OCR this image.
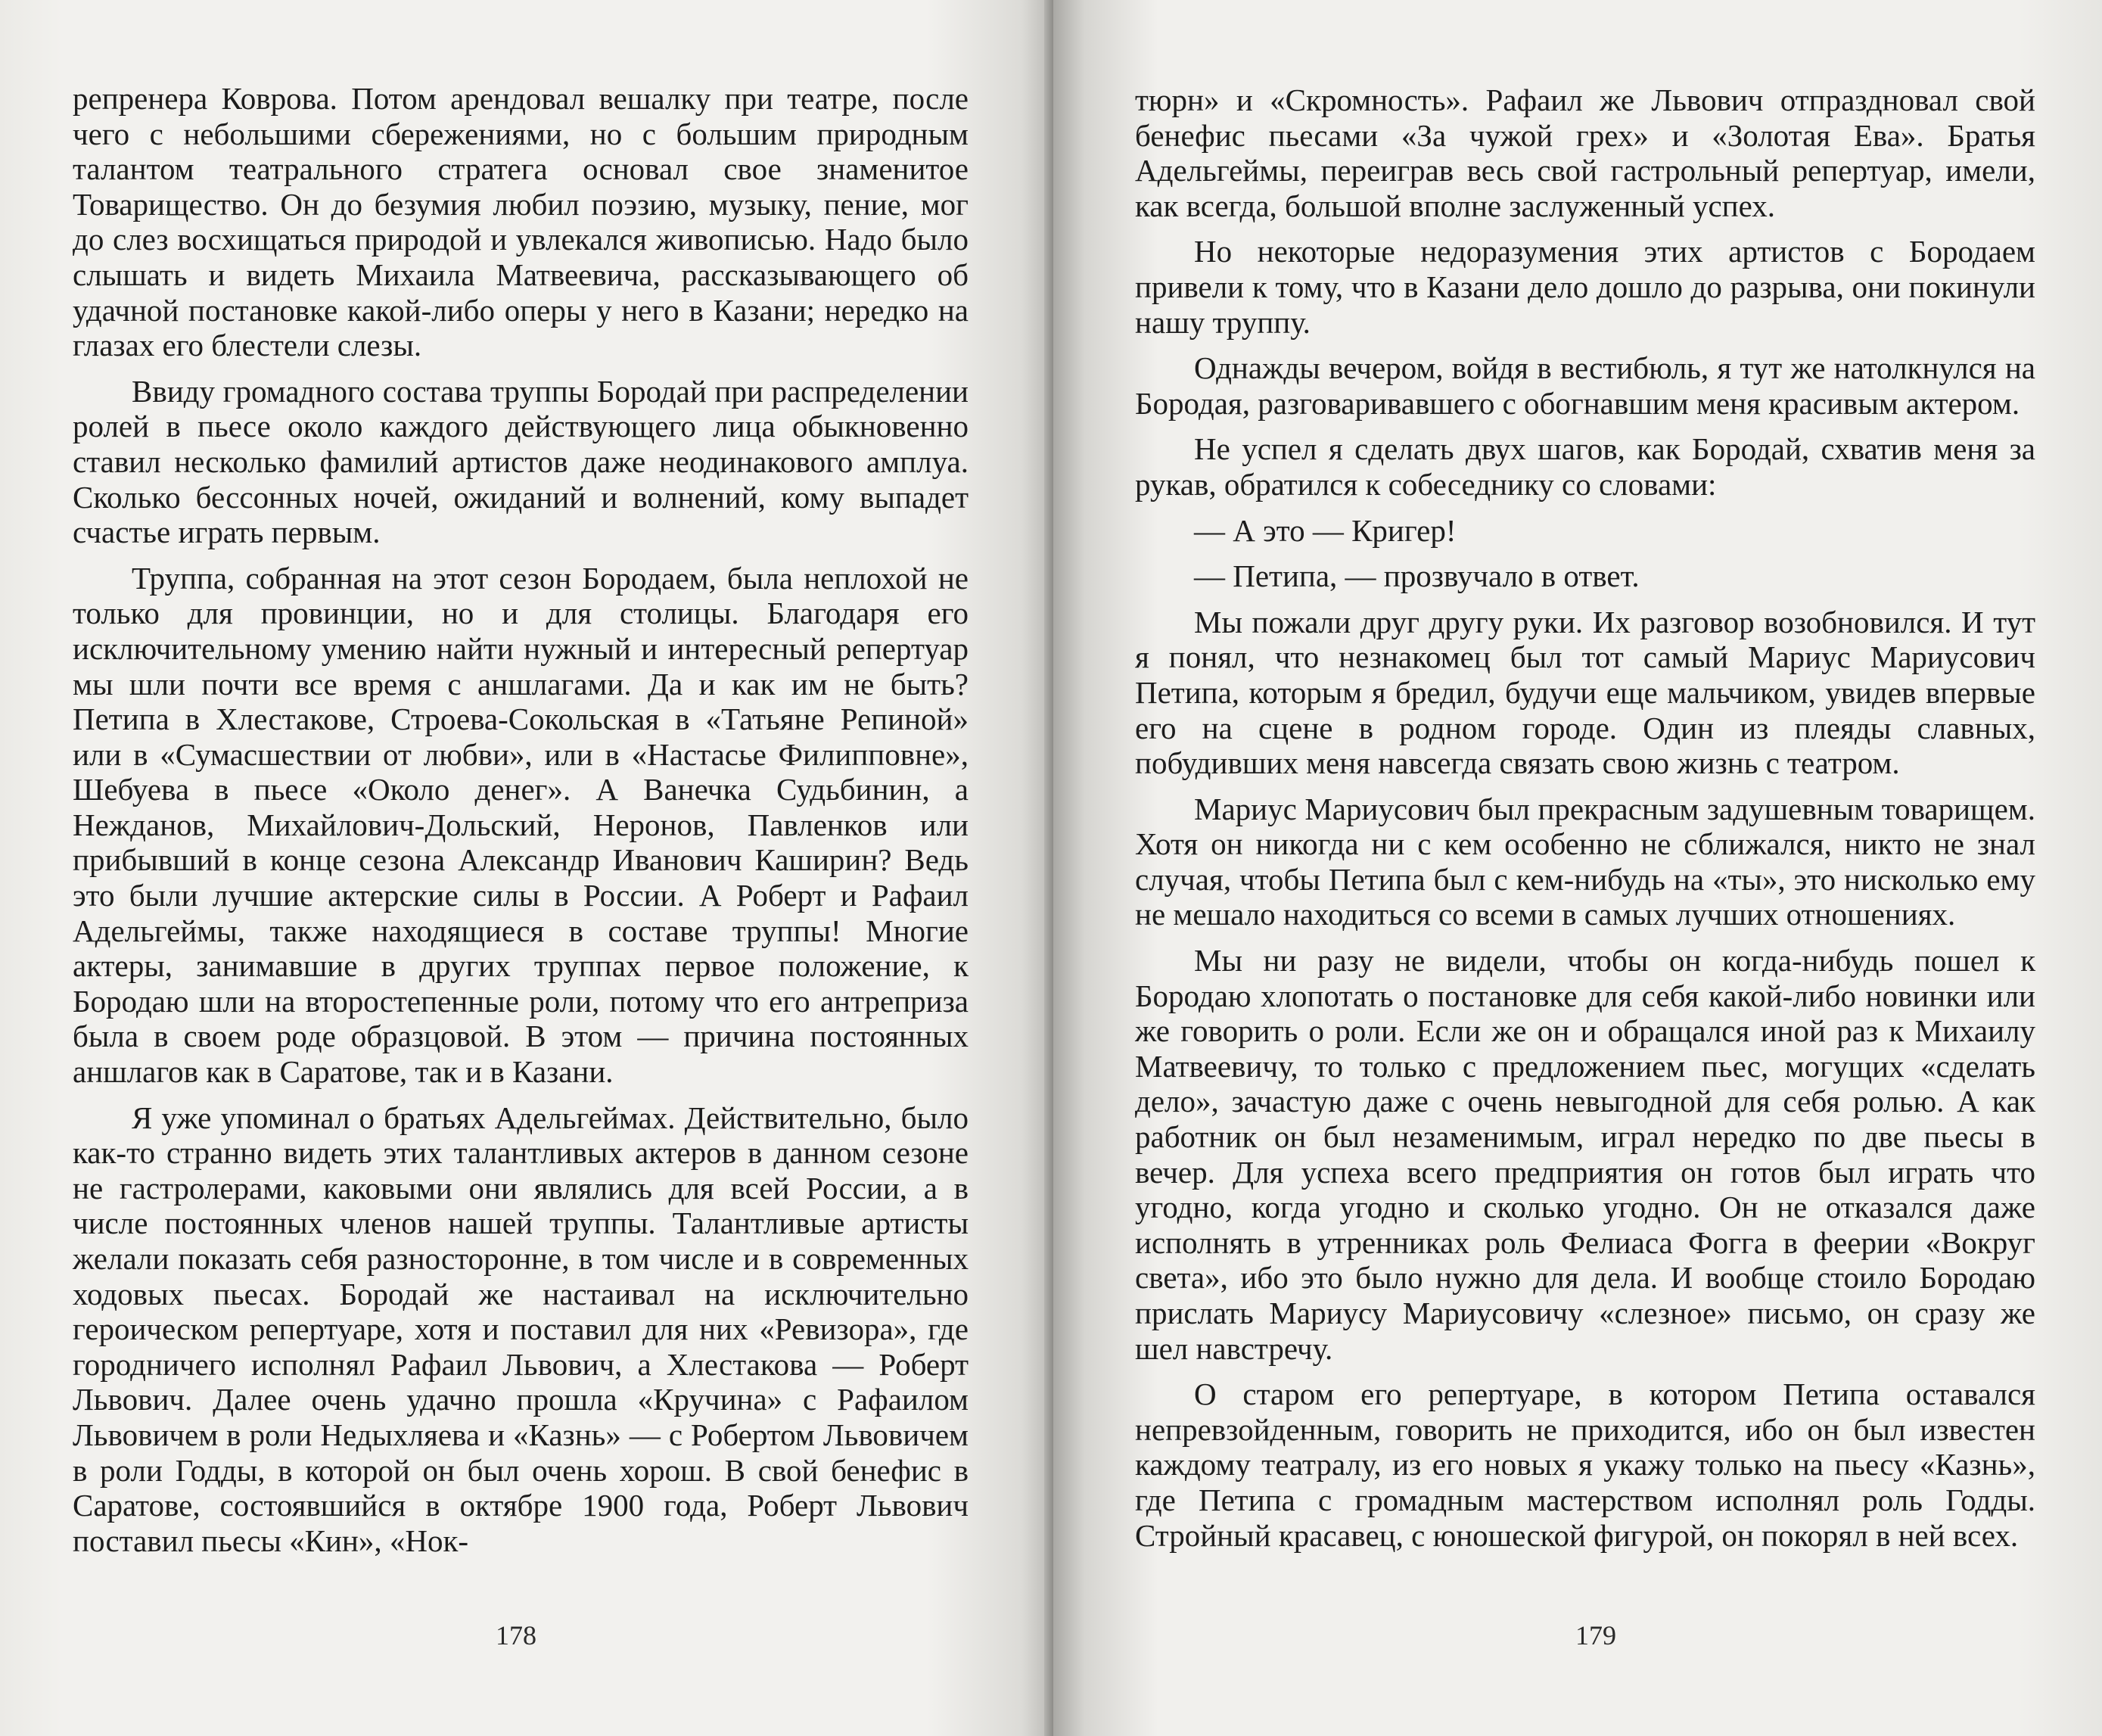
репренера Коврова. Потом арендовал вешалку при театре, после чего с небольшими сбережениями, но с большим природным талантом театрального стратега основал свое знаменитое Товарищество. Он до безумия любил поэзию, музыку, пение, мог до слез восхищаться природой и увлекался живописью. Надо было слышать и видеть Михаила Матвеевича, рассказывающего об удачной постановке какой-либо оперы у него в Казани; нередко на глазах его блестели слезы.

Ввиду громадного состава труппы Бородай при распределении ролей в пьесе около каждого действующего лица обыкновенно ставил несколько фамилий артистов даже неодинакового амплуа. Сколько бессонных ночей, ожиданий и волнений, кому выпадет счастье играть первым.

Труппа, собранная на этот сезон Бородаем, была неплохой не только для провинции, но и для столицы. Благодаря его исключительному умению найти нужный и интересный репертуар мы шли почти все время с аншлагами. Да и как им не быть? Петипа в Хлестакове, Строева-Сокольская в «Татьяне Репиной» или в «Сумасшествии от любви», или в «Настасье Филипповне», Шебуева в пьесе «Около денег». А Ванечка Судьбинин, а Нежданов, Михайлович-Дольский, Неронов, Павленков или прибывший в конце сезона Александр Иванович Каширин? Ведь это были лучшие актерские силы в России. А Роберт и Рафаил Адельгеймы, также находящиеся в составе труппы! Многие актеры, занимавшие в других труппах первое положение, к Бородаю шли на второстепенные роли, потому что его антреприза была в своем роде образцовой. В этом — причина постоянных аншлагов как в Саратове, так и в Казани.

Я уже упоминал о братьях Адельгеймах. Действительно, было как-то странно видеть этих талантливых актеров в данном сезоне не гастролерами, каковыми они являлись для всей России, а в числе постоянных членов нашей труппы. Талантливые артисты желали показать себя разносторонне, в том числе и в современных ходовых пьесах. Бородай же настаивал на исключительно героическом репертуаре, хотя и поставил для них «Ревизора», где городничего исполнял Рафаил Львович, а Хлестакова — Роберт Львович. Далее очень удачно прошла «Кручина» с Рафаилом Львовичем в роли Недыхляева и «Казнь» — с Робертом Львовичем в роли Годды, в которой он был очень хорош. В свой бенефис в Саратове, состоявшийся в октябре 1900 года, Роберт Львович поставил пьесы «Кин», «Нок-

178

тюрн» и «Скромность». Рафаил же Львович отпраздновал свой бенефис пьесами «За чужой грех» и «Золотая Ева». Братья Адельгеймы, переиграв весь свой гастрольный репертуар, имели, как всегда, большой вполне заслуженный успех.

Но некоторые недоразумения этих артистов с Бородаем привели к тому, что в Казани дело дошло до разрыва, они покинули нашу труппу.

Однажды вечером, войдя в вестибюль, я тут же натолкнулся на Бородая, разговаривавшего с обогнавшим меня красивым актером.

Не успел я сделать двух шагов, как Бородай, схватив меня за рукав, обратился к собеседнику со словами:

— А это — Кригер!

— Петипа, — прозвучало в ответ.

Мы пожали друг другу руки. Их разговор возобновился. И тут я понял, что незнакомец был тот самый Мариус Мариусович Петипа, которым я бредил, будучи еще мальчиком, увидев впервые его на сцене в родном городе. Один из плеяды славных, побудивших меня навсегда связать свою жизнь с театром.

Мариус Мариусович был прекрасным задушевным товарищем. Хотя он никогда ни с кем особенно не сближался, никто не знал случая, чтобы Петипа был с кем-нибудь на «ты», это нисколько ему не мешало находиться со всеми в самых лучших отношениях.

Мы ни разу не видели, чтобы он когда-нибудь пошел к Бородаю хлопотать о постановке для себя какой-либо новинки или же говорить о роли. Если же он и обращался иной раз к Михаилу Матвеевичу, то только с предложением пьес, могущих «сделать дело», зачастую даже с очень невыгодной для себя ролью. А как работник он был незаменимым, играл нередко по две пьесы в вечер. Для успеха всего предприятия он готов был играть что угодно, когда угодно и сколько угодно. Он не отказался даже исполнять в утренниках роль Фелиаса Фогга в феерии «Вокруг света», ибо это было нужно для дела. И вообще стоило Бородаю прислать Мариусу Мариусовичу «слезное» письмо, он сразу же шел навстречу.

О старом его репертуаре, в котором Петипа оставался непревзойденным, говорить не приходится, ибо он был известен каждому театралу, из его новых я укажу только на пьесу «Казнь», где Петипа с громадным мастерством исполнял роль Годды. Стройный красавец, с юношеской фигурой, он покорял в ней всех.

179
